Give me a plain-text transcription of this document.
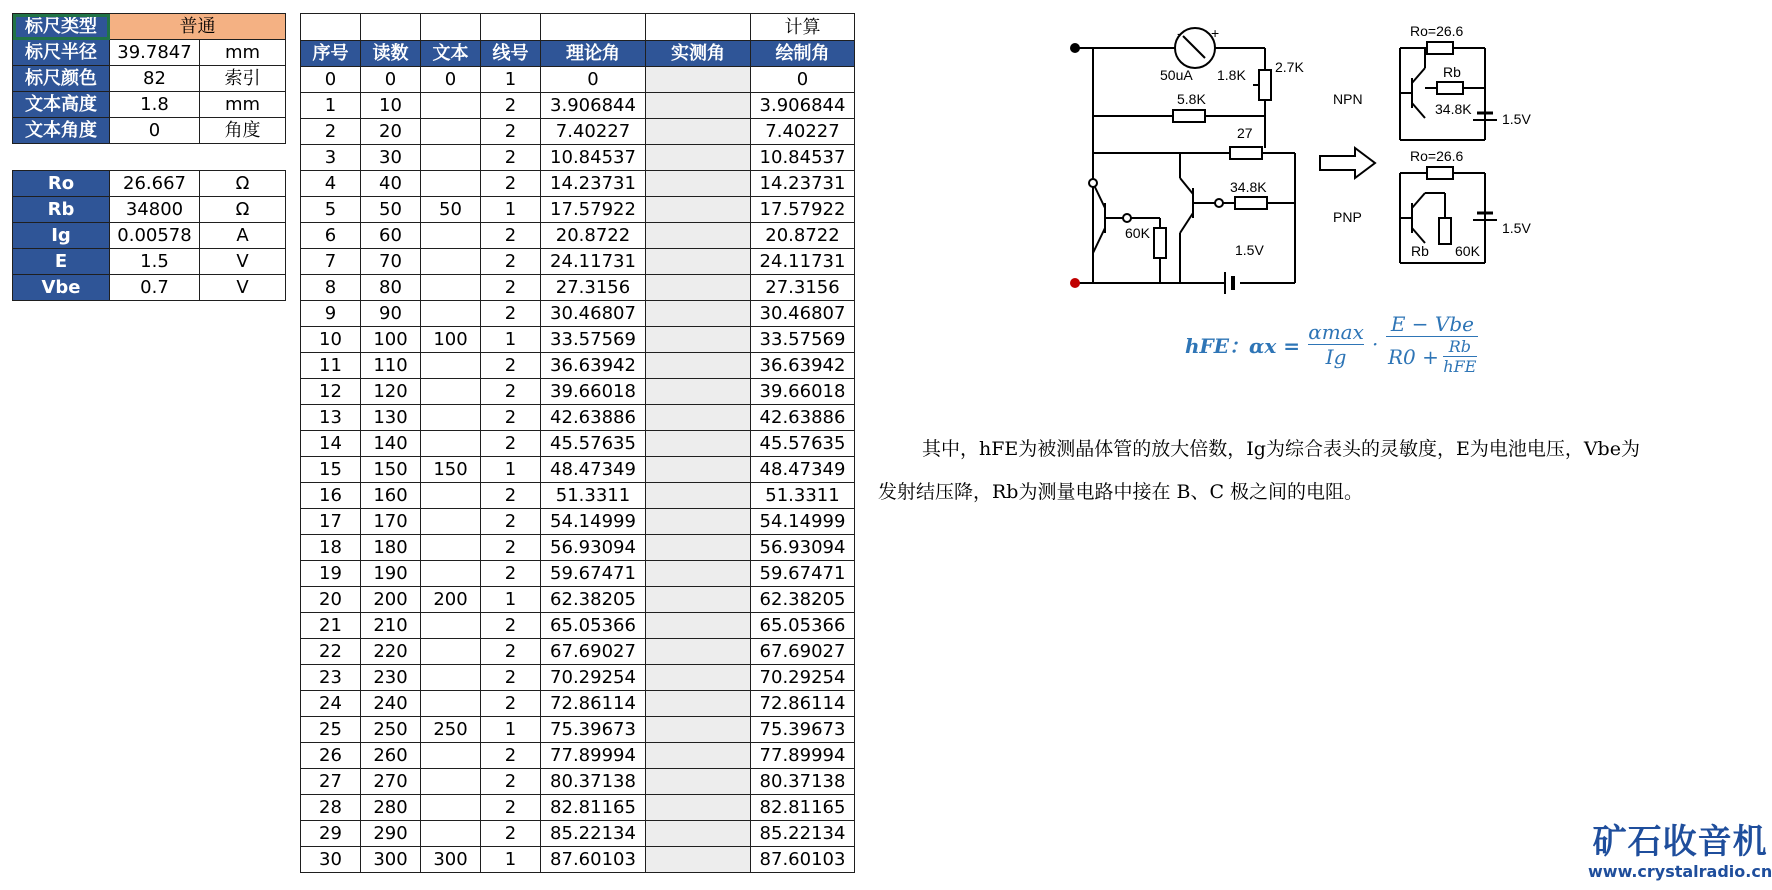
标尺类型	普通	
标尺半径	39.7847	mm
标尺颜色	82	索引
文本高度	1.8	mm
文本角度	0	角度
Ro	26.667	Ω
Rb	34800	Ω
Ig	0.00578	A
E	1.5	V
Vbe	0.7	V
						计算
序号	读数	文本	线号	理论角	实测角	绘制角
0	0	0	1	0		0
1	10		2	3.906844		3.906844
2	20		2	7.40227		7.40227
3	30		2	10.84537		10.84537
4	40		2	14.23731		14.23731
5	50	50	1	17.57922		17.57922
6	60		2	20.8722		20.8722
7	70		2	24.11731		24.11731
8	80		2	27.3156		27.3156
9	90		2	30.46807		30.46807
10	100	100	1	33.57569		33.57569
11	110		2	36.63942		36.63942
12	120		2	39.66018		39.66018
13	130		2	42.63886		42.63886
14	140		2	45.57635		45.57635
15	150	150	1	48.47349		48.47349
16	160		2	51.3311		51.3311
17	170		2	54.14999		54.14999
18	180		2	56.93094		56.93094
19	190		2	59.67471		59.67471
20	200	200	1	62.38205		62.38205
21	210		2	65.05366		65.05366
22	220		2	67.69027		67.69027
23	230		2	70.29254		70.29254
24	240		2	72.86114		72.86114
25	250	250	1	75.39673		75.39673
26	260		2	77.89994		77.89994
27	270		2	80.37138		80.37138
28	280		2	82.81165		82.81165
29	290		2	85.22134		85.22134
30	300	300	1	87.60103		87.60103
- +
50uA 1.8K 2.7K
5.8K
27
34.8K
60K
1.5V
NPN
PNP
Ro=26.6
Rb
34.8K
1.5V
Ro=26.6
Rb 60K
1.5V
hFE：αx =
αmax
Ig
·
E − Vbe
R0 + Rb
hFE

其中，hFE为被测晶体管的放大倍数，Ig为综合表头的灵敏度，E为电池电压，Vbe为

发射结压降，Rb为测量电路中接在 B、C 极之间的电阻。

矿石收音机
www.crystalradio.cn
